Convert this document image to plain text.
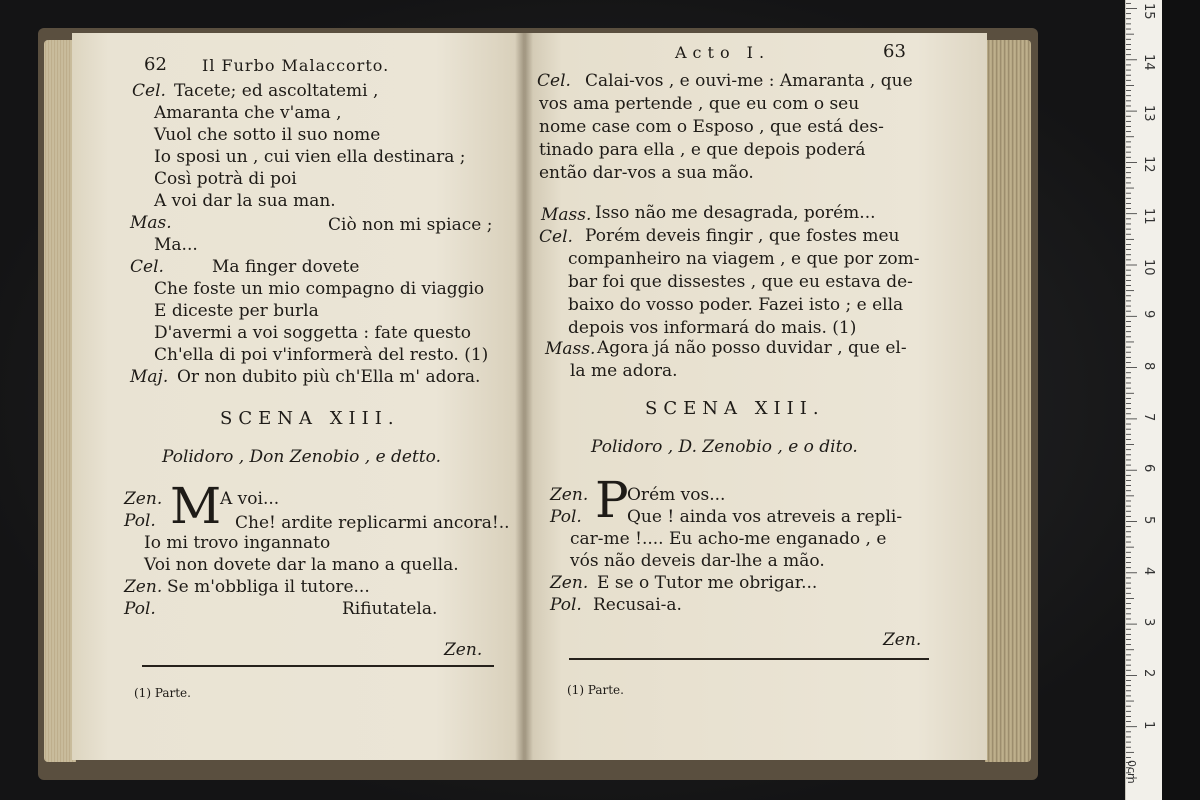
62 Il Furbo Malaccorto.
Cel. Tacete; ed ascoltatemi ,
Amaranta che v'ama ,
Vuol che sotto il suo nome
Io sposi un , cui vien ella destinara ;
Così potrà di poi
A voi dar la sua man.
Mas.	Ciò non mi spiace ;
Ma...
Cel.	Ma finger dovete
Che foste un mio compagno di viaggio
E diceste per burla
D'avermi a voi soggetta : fate questo
Ch'ella di poi v'informerà del resto. (1)
Maj. Or non dubito più ch'Ella m' adora.
SCENA XIII.
Polidoro , Don Zenobio , e detto.
Zen. M
A voi...
Pol.	Che! ardite replicarmi ancora!..
Io mi trovo ingannato
Voi non dovete dar la mano a quella.
Zen. Se m'obbliga il tutore...
Pol.	Rifiutatela.
Zen.
(1) Parte.
Acto I.	63
Cel. Calai-vos , e ouvi-me : Amaranta , que
vos ama pertende , que eu com o seu
nome case com o Esposo , que está des-
tinado para ella , e que depois poderá
então dar-vos a sua mão.
Mass. Isso não me desagrada, porém...
Cel. Porém deveis fingir , que fostes meu
companheiro na viagem , e que por zom-
bar foi que dissestes , que eu estava de-
baixo do vosso poder. Fazei isto ; e ella
depois vos informará do mais. (1)
Mass. Agora já não posso duvidar , que el-
la me adora.
SCENA XIII.
Polidoro , D. Zenobio , e o dito.
Zen. P
Orém vos...
Pol.	Que ! ainda vos atreveis a repli-
car-me !.... Eu acho-me enganado , e
vós não deveis dar-lhe a mão.
Zen. E se o Tutor me obrigar...
Pol. Recusai-a.
Zen.
(1) Parte.
1
2
3
4
5
6
7
8
9
10
11
12
13
14
15
0cm
